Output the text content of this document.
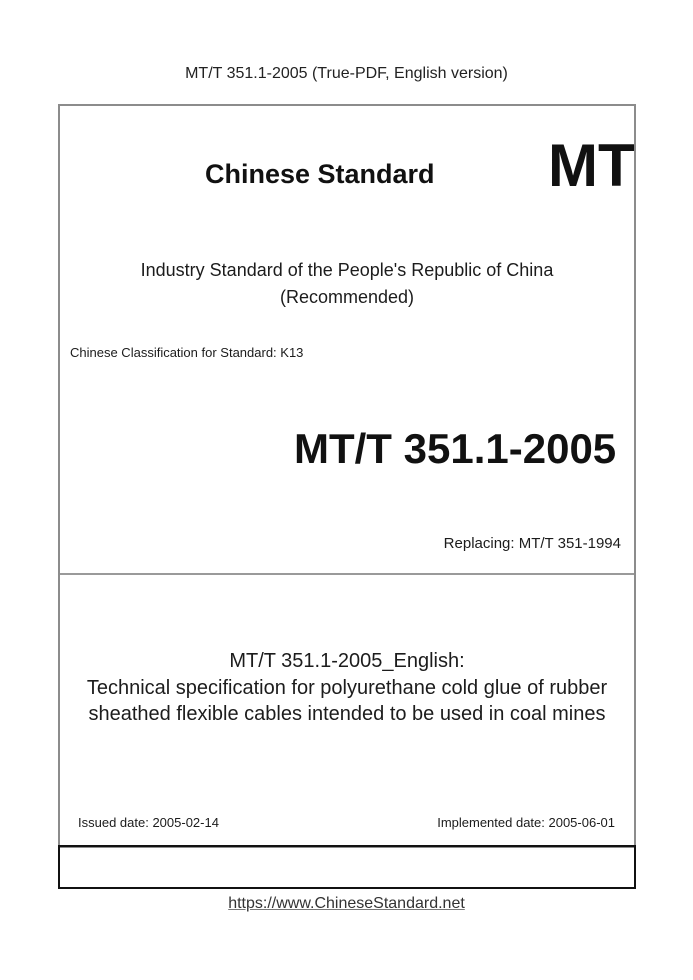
MT/T 351.1-2005 (True-PDF, English version)
Chinese Standard MT
Industry Standard of the People's Republic of China
(Recommended)
Chinese Classification for Standard: K13
MT/T 351.1-2005
Replacing: MT/T 351-1994
MT/T 351.1-2005_English:
Technical specification for polyurethane cold glue of rubber
sheathed flexible cables intended to be used in coal mines
Issued date: 2005-02-14	Implemented date: 2005-06-01
https://www.ChineseStandard.net
